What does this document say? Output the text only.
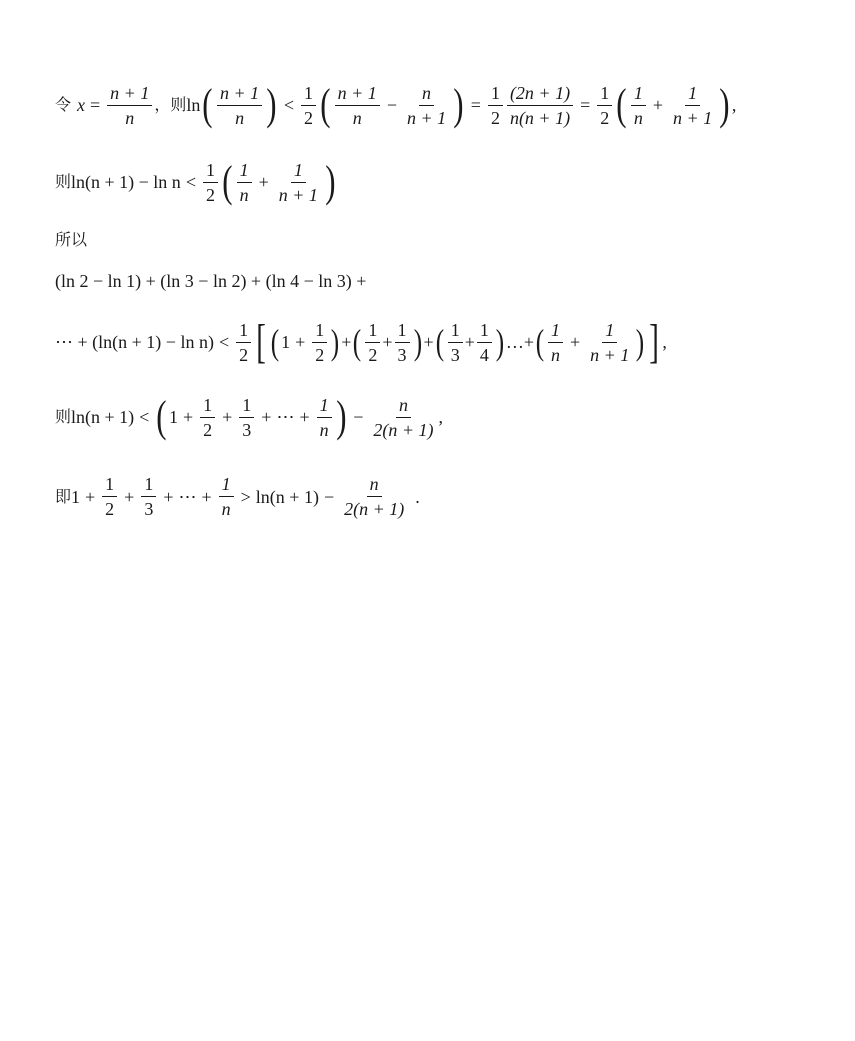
令 $x = \frac{n + 1}{n}$ ， 则 ln ( $\frac{n + 1}{n}$ ) < $\frac{1}{2}$ ( $\frac{n + 1}{n} - \frac{n}{n + 1}$ ) = $\frac{1}{2} \frac{(2n + 1)}{n(n + 1)} = \frac{1}{2}$ ( $\frac{1}{n} + \frac{1}{n + 1}$ ) ,
则 $\ln(n + 1) - \ln n < \frac{1}{2}$ ( $\frac{1}{n} + \frac{1}{n + 1}$ )
所以
(ln 2 − ln 1) + (ln 3 − ln 2) + (ln 4 − ln 3) +
⋯ + $(\ln(n + 1) - \ln n) < \frac{1}{2}$ [ ( $1 + \frac{1}{2}$ ) + ( $\frac{1}{2} + \frac{1}{3}$ ) + ( $\frac{1}{3} + \frac{1}{4}$ ) … + ( $\frac{1}{n} + \frac{1}{n + 1}$ ) ] ,
则 ln(n + 1) < ( $1 + \frac{1}{2} + \frac{1}{3}$ + ⋯ + $\frac{1}{n}$ ) − $\frac{n}{2(n + 1)}$ ,
即 $1 + \frac{1}{2} + \frac{1}{3}$ + ⋯ + $\frac{1}{n} > \ln(n + 1) - \frac{n}{2(n + 1)}$ .
